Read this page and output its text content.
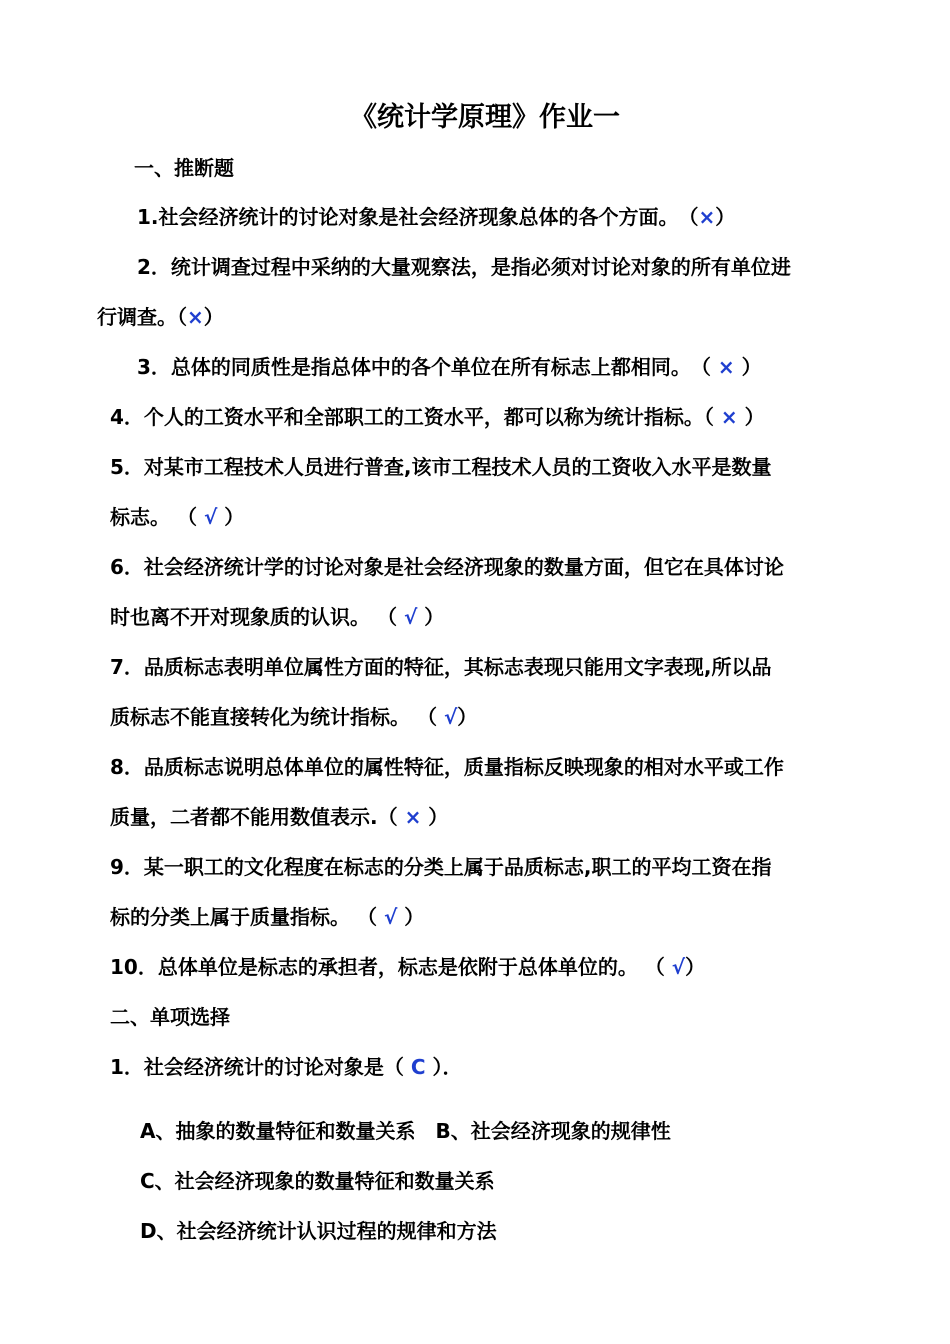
《统计学原理》作业一
一、推断题
1.社会经济统计的讨论对象是社会经济现象总体的各个方面。　（×）
2．统计调查过程中采纳的大量观察法，是指必须对讨论对象的所有单位进
行调查。（×）
3．总体的同质性是指总体中的各个单位在所有标志上都相同。　（ × ）
4．个人的工资水平和全部职工的工资水平，都可以称为统计指标。（ × ）
5．对某市工程技术人员进行普查,该市工程技术人员的工资收入水平是数量
标志。 （ √ ）
6．社会经济统计学的讨论对象是社会经济现象的数量方面，但它在具体讨论
时也离不开对现象质的认识。 （ √ ）
7．品质标志表明单位属性方面的特征，其标志表现只能用文字表现,所以品
质标志不能直接转化为统计指标。 （ √）
8．品质标志说明总体单位的属性特征，质量指标反映现象的相对水平或工作
质量，二者都不能用数值表示.（ × ）
9．某一职工的文化程度在标志的分类上属于品质标志,职工的平均工资在指
标的分类上属于质量指标。 （ √ ）
10．总体单位是标志的承担者，标志是依附于总体单位的。 （ √）
二、单项选择
1．社会经济统计的讨论对象是（ C ）．
A、抽象的数量特征和数量关系　B、社会经济现象的规律性
C、社会经济现象的数量特征和数量关系
D、社会经济统计认识过程的规律和方法
